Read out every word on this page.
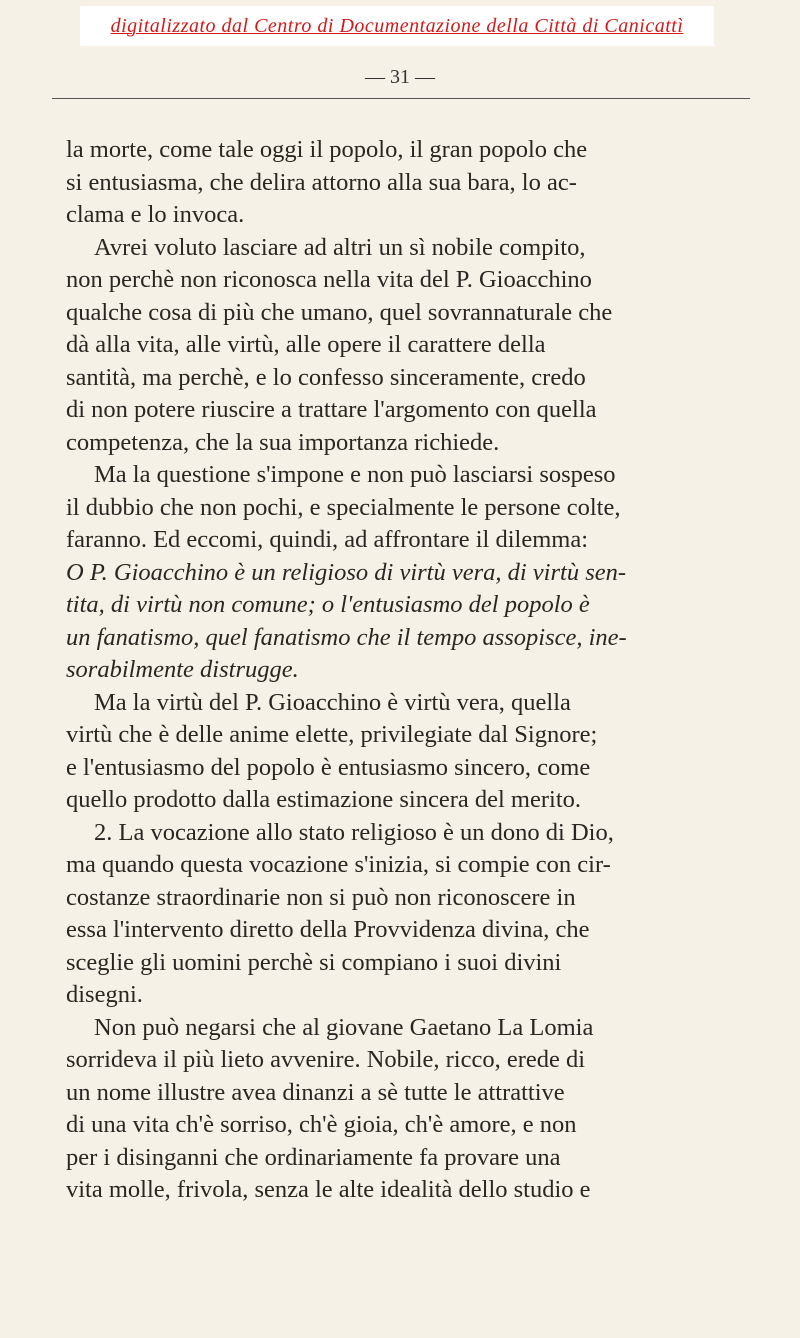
digitalizzato dal Centro di Documentazione della Città di Canicattì
— 31 —
la morte, come tale oggi il popolo, il gran popolo che
si entusiasma, che delira attorno alla sua bara, lo ac-
clama e lo invoca.
Avrei voluto lasciare ad altri un sì nobile compito,
non perchè non riconosca nella vita del P. Gioacchino
qualche cosa di più che umano, quel sovrannaturale che
dà alla vita, alle virtù, alle opere il carattere della
santità, ma perchè, e lo confesso sinceramente, credo
di non potere riuscire a trattare l'argomento con quella
competenza, che la sua importanza richiede.
Ma la questione s'impone e non può lasciarsi sospeso
il dubbio che non pochi, e specialmente le persone colte,
faranno. Ed eccomi, quindi, ad affrontare il dilemma:
O P. Gioacchino è un religioso di virtù vera, di virtù sen-
tita, di virtù non comune; o l'entusiasmo del popolo è
un fanatismo, quel fanatismo che il tempo assopisce, ine-
sorabilmente distrugge.
Ma la virtù del P. Gioacchino è virtù vera, quella
virtù che è delle anime elette, privilegiate dal Signore;
e l'entusiasmo del popolo è entusiasmo sincero, come
quello prodotto dalla estimazione sincera del merito.
2. La vocazione allo stato religioso è un dono di Dio,
ma quando questa vocazione s'inizia, si compie con cir-
costanze straordinarie non si può non riconoscere in
essa l'intervento diretto della Provvidenza divina, che
sceglie gli uomini perchè si compiano i suoi divini
disegni.
Non può negarsi che al giovane Gaetano La Lomia
sorrideva il più lieto avvenire. Nobile, ricco, erede di
un nome illustre avea dinanzi a sè tutte le attrattive
di una vita ch'è sorriso, ch'è gioia, ch'è amore, e non
per i disinganni che ordinariamente fa provare una
vita molle, frivola, senza le alte idealità dello studio e
